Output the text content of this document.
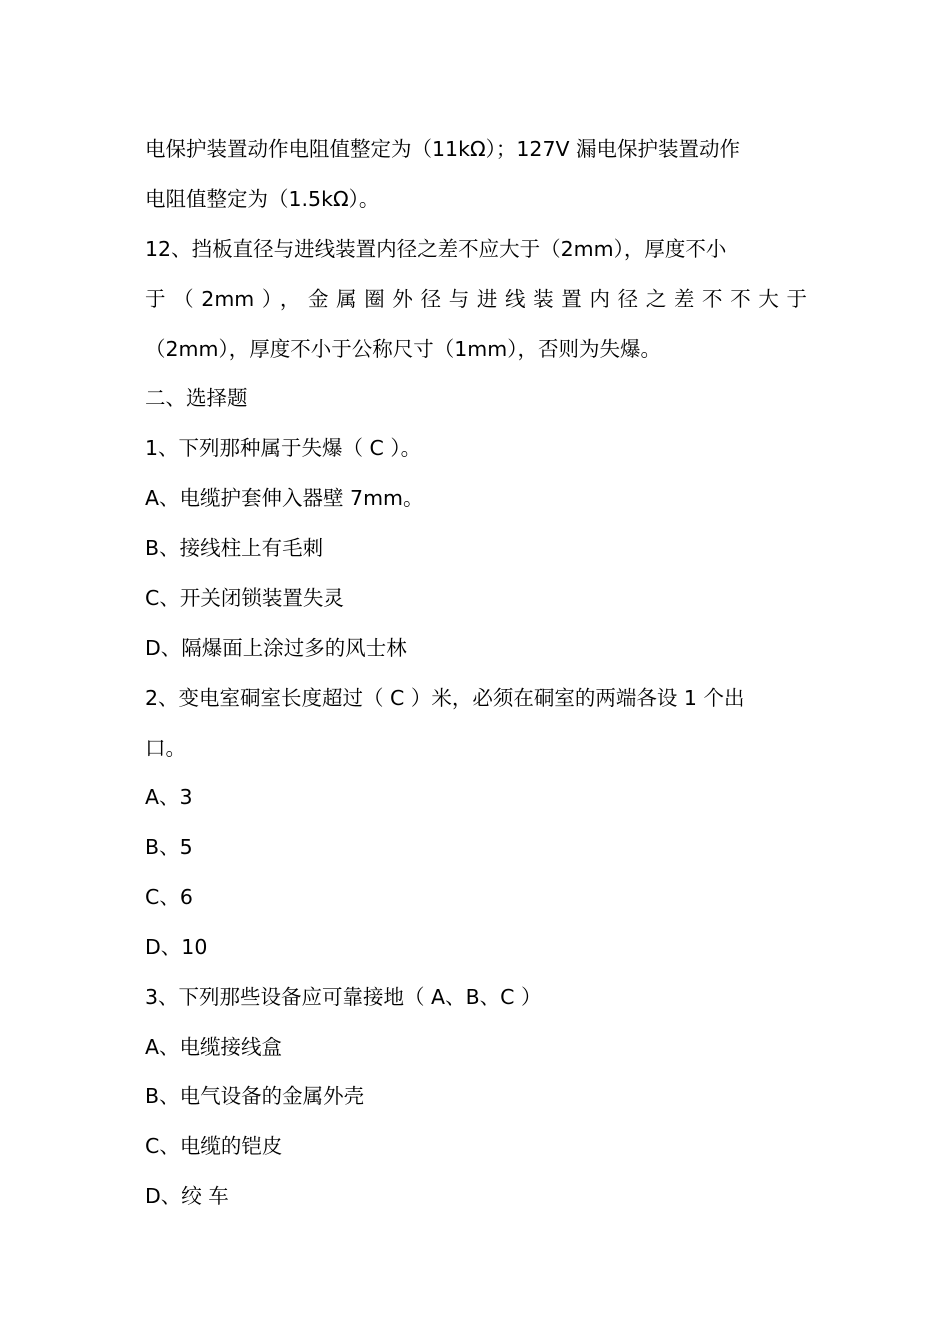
电保护装置动作电阻值整定为（11kΩ）；127V 漏电保护装置动作
电阻值整定为（1.5kΩ）。
12、挡板直径与进线装置内径之差不应大于（2mm），厚度不小
于（2mm），金属圈外径与进线装置内径之差不不大于
（2mm），厚度不小于公称尺寸（1mm），否则为失爆。
二、选择题
1、下列那种属于失爆（ C ）。
A、电缆护套伸入器壁 7mm。
B、接线柱上有毛刺
C、开关闭锁装置失灵
D、隔爆面上涂过多的风士林
2、变电室硐室长度超过（ C ）米，必须在硐室的两端各设 1 个出
口。
A、3
B、5
C、6
D、10
3、下列那些设备应可靠接地（ A、B、C ）
A、电缆接线盒
B、电气设备的金属外壳
C、电缆的铠皮
D、绞 车
